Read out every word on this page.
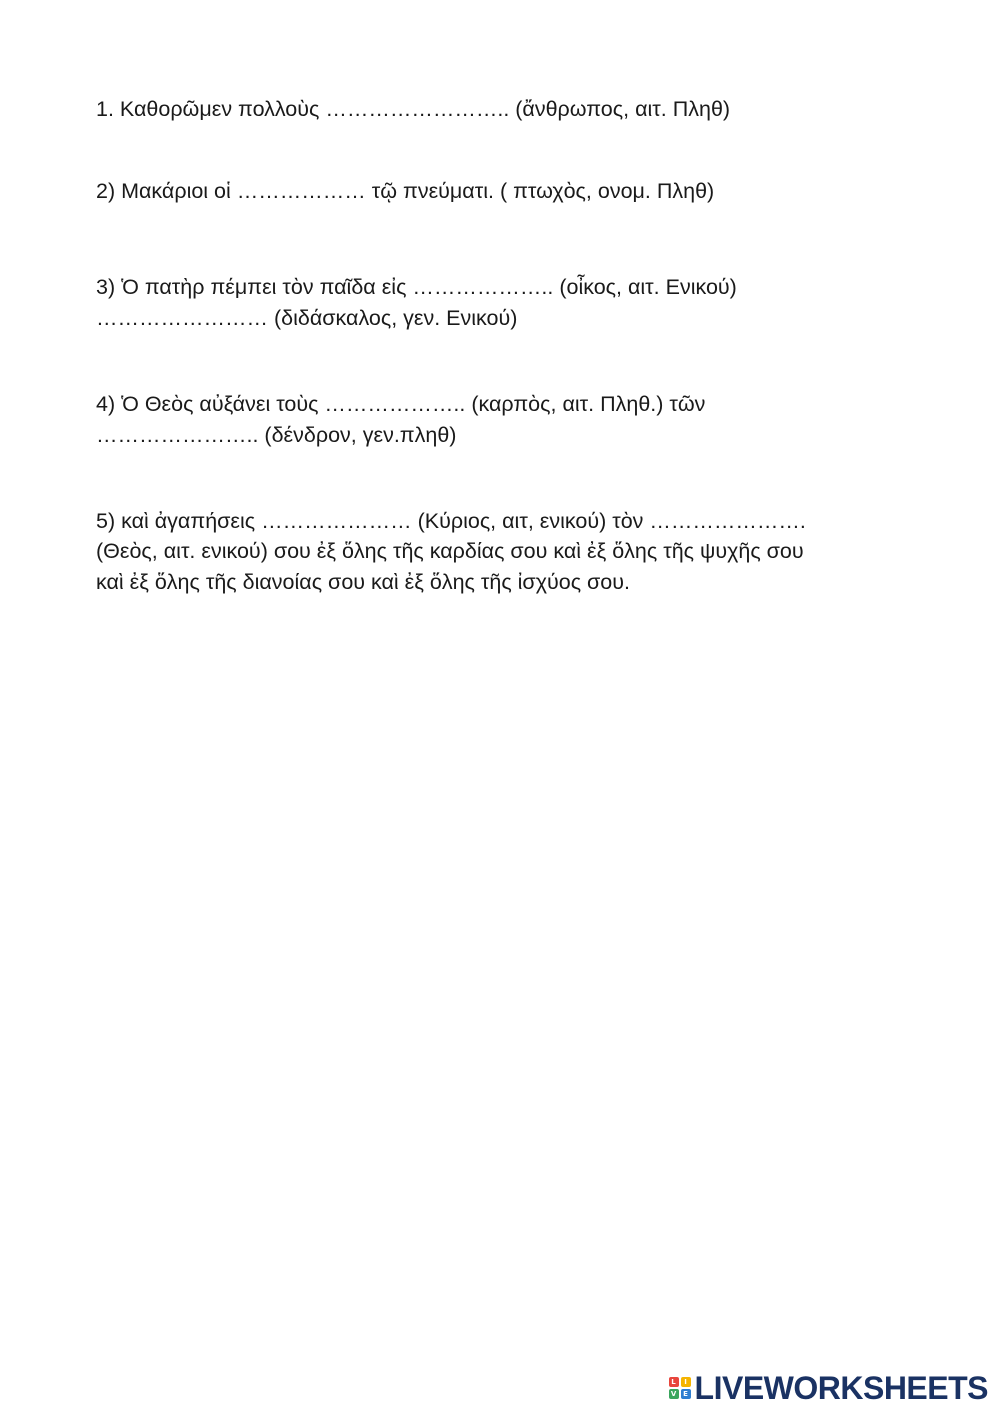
1. Καθορῶμεν πολλοὺς …………………….. (ἄνθρωπος, αιτ. Πληθ)
2) Μακάριοι οἱ ……………… τῷ πνεύματι. ( πτωχὸς, ονομ. Πληθ)
3) Ὁ πατὴρ πέμπει τὸν παῖδα εἰς ……………….. (οἶκος, αιτ. Ενικού)
…………………… (διδάσκαλος, γεν. Ενικού)
4) Ὁ Θεὸς αὐξάνει τοὺς ……………….. (καρπὸς, αιτ. Πληθ.) τῶν
………………….. (δένδρον, γεν.πληθ)
5) καὶ ἀγαπήσεις ………………… (Κύριος, αιτ, ενικού) τὸν ………………….
(Θεὸς, αιτ. ενικού) σου ἐξ ὅλης τῆς καρδίας σου καὶ ἐξ ὅλης τῆς ψυχῆς σου
καὶ ἐξ ὅλης τῆς διανοίας σου καὶ ἐξ ὅλης τῆς ἰσχύος σου.
L	I
V E LIVEWORKSHEETS
